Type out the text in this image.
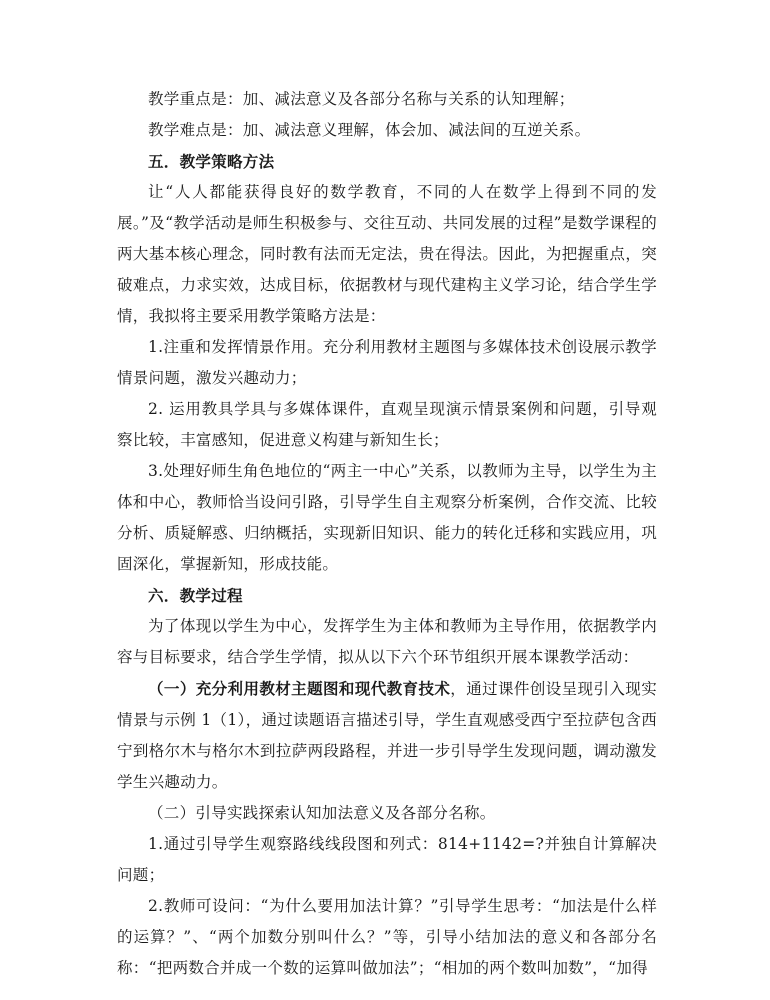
教学重点是：加、减法意义及各部分名称与关系的认知理解；

教学难点是：加、减法意义理解，体会加、减法间的互逆关系。

五．教学策略方法

让“人人都能获得良好的数学教育，不同的人在数学上得到不同的发展。”及“教学活动是师生积极参与、交往互动、共同发展的过程”是数学课程的两大基本核心理念，同时教有法而无定法，贵在得法。因此，为把握重点，突破难点，力求实效，达成目标，依据教材与现代建构主义学习论，结合学生学情，我拟将主要采用教学策略方法是：

1.注重和发挥情景作用。充分利用教材主题图与多媒体技术创设展示教学情景问题，激发兴趣动力；

2. 运用教具学具与多媒体课件，直观呈现演示情景案例和问题，引导观察比较，丰富感知，促进意义构建与新知生长；

3.处理好师生角色地位的“两主一中心”关系，以教师为主导，以学生为主体和中心，教师恰当设问引路，引导学生自主观察分析案例，合作交流、比较分析、质疑解惑、归纳概括，实现新旧知识、能力的转化迁移和实践应用，巩固深化，掌握新知，形成技能。

六．教学过程

为了体现以学生为中心，发挥学生为主体和教师为主导作用，依据教学内容与目标要求，结合学生学情，拟从以下六个环节组织开展本课教学活动：

（一）充分利用教材主题图和现代教育技术，通过课件创设呈现引入现实情景与示例 1（1），通过读题语言描述引导，学生直观感受西宁至拉萨包含西宁到格尔木与格尔木到拉萨两段路程，并进一步引导学生发现问题，调动激发学生兴趣动力。

（二）引导实践探索认知加法意义及各部分名称。

1.通过引导学生观察路线线段图和列式：814+1142=?并独自计算解决问题；

2.教师可设问：“为什么要用加法计算？”引导学生思考：“加法是什么样的运算？”、“两个加数分别叫什么？”等，引导小结加法的意义和各部分名称：“把两数合并成一个数的运算叫做加法”；“相加的两个数叫加数”，“加得
